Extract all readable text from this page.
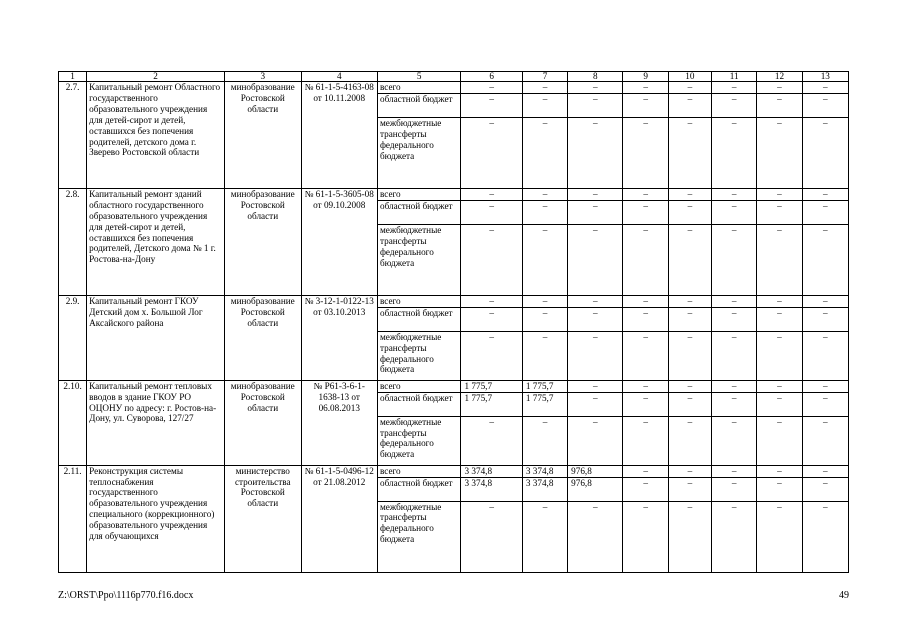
1	2	3	4	5	6	7	8	9	10	11	12	13
2.7.	Капитальный ремонт Областного государственного образовательного учреждения для детей-сирот и детей, оставшихся без попечения родителей, детского дома г. Зверево Ростовской области	минобразование Ростовской области	№ 61-1-5-4163-08 от 10.11.2008	всего	–	–	–	–	–	–	–	–
				областной бюджет	–	–	–	–	–	–	–	–
				межбюджетные трансферты федерального бюджета	–	–	–	–	–	–	–	–
2.8.	Капитальный ремонт зданий областного государственного образовательного учреждения для детей-сирот и детей, оставшихся без попечения родителей, Детского дома № 1 г. Ростова-на-Дону	минобразование Ростовской области	№ 61-1-5-3605-08 от 09.10.2008	всего	–	–	–	–	–	–	–	–
				областной бюджет	–	–	–	–	–	–	–	–
				межбюджетные трансферты федерального бюджета	–	–	–	–	–	–	–	–
2.9.	Капитальный ремонт ГКОУ Детский дом х. Большой Лог Аксайского района	минобразование Ростовской области	№ 3-12-1-0122-13 от 03.10.2013	всего	–	–	–	–	–	–	–	–
				областной бюджет	–	–	–	–	–	–	–	–
				межбюджетные трансферты федерального бюджета	–	–	–	–	–	–	–	–
2.10.	Капитальный ремонт тепловых вводов в здание ГКОУ РО ОЦОНУ по адресу: г. Ростов-на-Дону, ул. Суворова, 127/27	минобразование Ростовской области	№ Р61-3-6-1-1638-13 от 06.08.2013	всего	1 775,7	1 775,7	–	–	–	–	–	–
				областной бюджет	1 775,7	1 775,7	–	–	–	–	–	–
				межбюджетные трансферты федерального бюджета	–	–	–	–	–	–	–	–
2.11.	Реконструкция системы теплоснабжения государственного образовательного учреждения специального (коррекционного) образовательного учреждения для обучающихся	министерство строительства Ростовской области	№ 61-1-5-0496-12 от 21.08.2012	всего	3 374,8	3 374,8	976,8	–	–	–	–	–
				областной бюджет	3 374,8	3 374,8	976,8	–	–	–	–	–
				межбюджетные трансферты федерального бюджета	–	–	–	–	–	–	–	–
Z:\ORST\Ppo\1116p770.f16.docx	49
